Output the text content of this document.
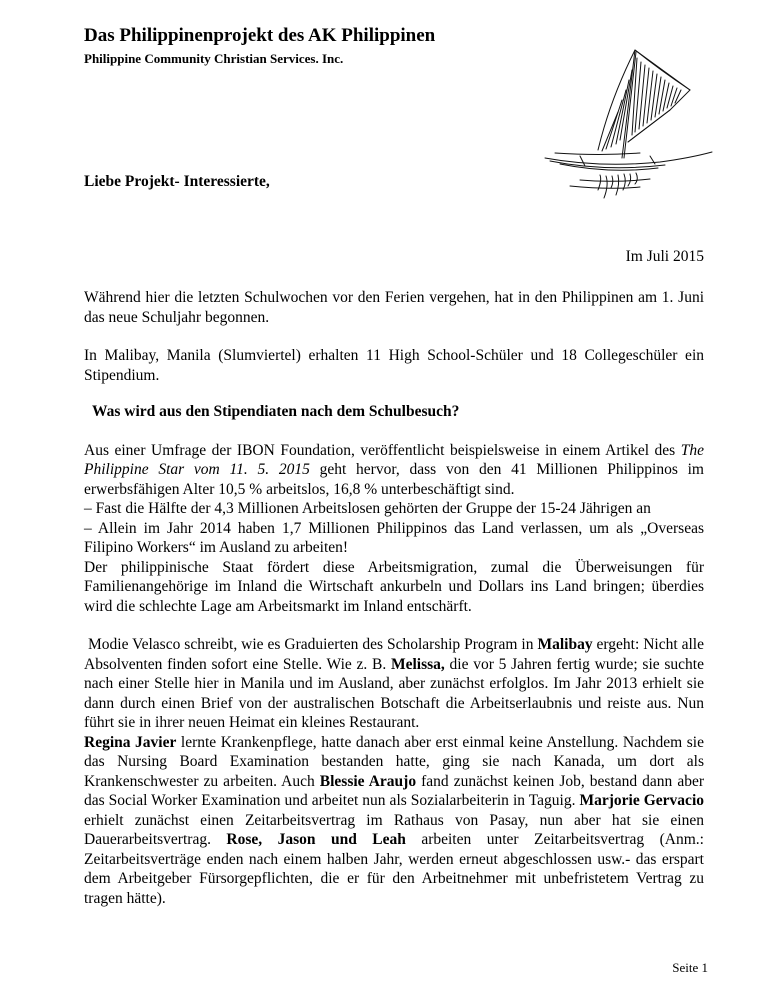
Das Philippinenprojekt des AK Philippinen
Philippine Community Christian Services. Inc.
Liebe Projekt- Interessierte,
Im Juli 2015

Während hier die letzten Schulwochen vor den Ferien vergehen, hat in den Philippinen am 1. Juni das neue Schuljahr begonnen.

In Malibay, Manila (Slumviertel) erhalten 11 High School-Schüler und 18 Collegeschüler ein Stipendium.

Was wird aus den Stipendiaten nach dem Schulbesuch?

Aus einer Umfrage der IBON Foundation, veröffentlicht beispielsweise in einem Artikel des The Philippine Star vom 11. 5. 2015 geht hervor, dass von den 41 Millionen Philippinos im erwerbsfähigen Alter 10,5 % arbeitslos, 16,8 % unterbeschäftigt sind.

– Fast die Hälfte der 4,3 Millionen Arbeitslosen gehörten der Gruppe der 15-24 Jährigen an

– Allein im Jahr 2014 haben 1,7 Millionen Philippinos das Land verlassen, um als „Overseas Filipino Workers“ im Ausland zu arbeiten!

Der philippinische Staat fördert diese Arbeitsmigration, zumal die Überweisungen für Familienangehörige im Inland die Wirtschaft ankurbeln und Dollars ins Land bringen; überdies wird die schlechte Lage am Arbeitsmarkt im Inland entschärft.

Modie Velasco schreibt, wie es Graduierten des Scholarship Program in Malibay ergeht: Nicht alle Absolventen finden sofort eine Stelle. Wie z. B. Melissa, die vor 5 Jahren fertig wurde; sie suchte nach einer Stelle hier in Manila und im Ausland, aber zunächst erfolglos. Im Jahr 2013 erhielt sie dann durch einen Brief von der australischen Botschaft die Arbeitserlaubnis und reiste aus. Nun führt sie in ihrer neuen Heimat ein kleines Restaurant.

Regina Javier lernte Krankenpflege, hatte danach aber erst einmal keine Anstellung. Nachdem sie das Nursing Board Examination bestanden hatte, ging sie nach Kanada, um dort als Krankenschwester zu arbeiten. Auch Blessie Araujo fand zunächst keinen Job, bestand dann aber das Social Worker Examination und arbeitet nun als Sozialarbeiterin in Taguig. Marjorie Gervacio erhielt zunächst einen Zeitarbeitsvertrag im Rathaus von Pasay, nun aber hat sie einen Dauerarbeitsvertrag. Rose, Jason und Leah arbeiten unter Zeitarbeitsvertrag (Anm.: Zeitarbeitsverträge enden nach einem halben Jahr, werden erneut abgeschlossen usw.- das erspart dem Arbeitgeber Fürsorgepflichten, die er für den Arbeitnehmer mit unbefristetem Vertrag zu tragen hätte).

Seite 1
